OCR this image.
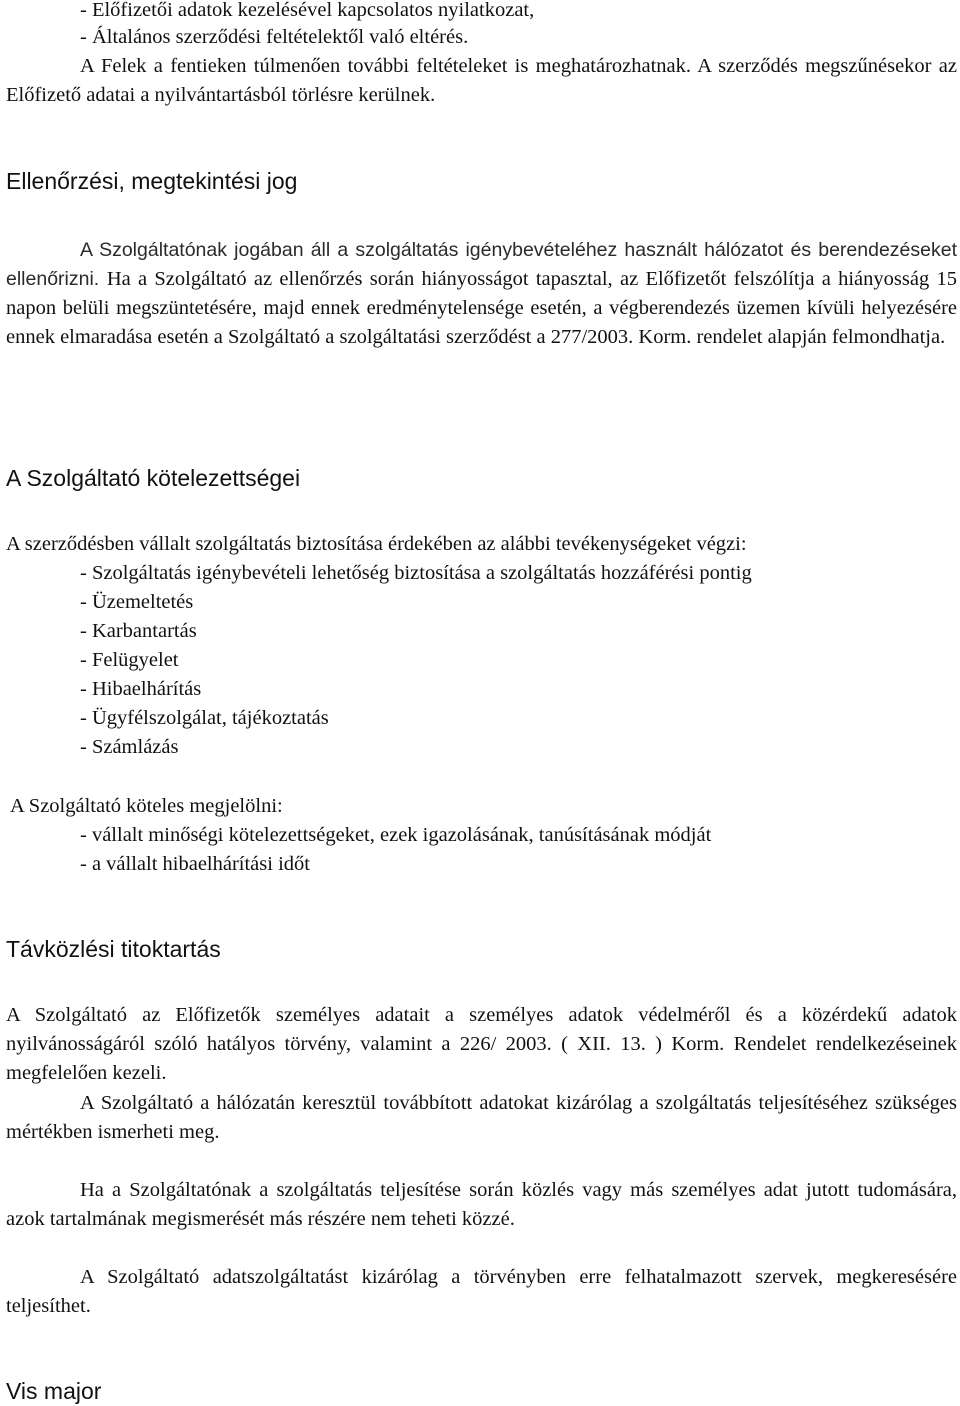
- Előfizetői adatok kezelésével kapcsolatos nyilatkozat,
- Általános szerződési feltételektől való eltérés.
A Felek a fentieken túlmenően további feltételeket is meghatározhatnak. A szerződés megszűnésekor az Előfizető adatai a nyilvántartásból törlésre kerülnek.
Ellenőrzési, megtekintési jog
A Szolgáltatónak jogában áll a szolgáltatás igénybevételéhez használt hálózatot és berendezéseket ellenőrizni. Ha a Szolgáltató az ellenőrzés során hiányosságot tapasztal, az Előfizetőt felszólítja a hiányosság 15 napon belüli megszüntetésére, majd ennek eredménytelensége esetén, a végberendezés üzemen kívüli helyezésére ennek elmaradása esetén a Szolgáltató a szolgáltatási szerződést a 277/2003. Korm. rendelet alapján felmondhatja.
A Szolgáltató kötelezettségei
A szerződésben vállalt szolgáltatás biztosítása érdekében az alábbi tevékenységeket végzi:
- Szolgáltatás igénybevételi lehetőség biztosítása a szolgáltatás hozzáférési pontig
- Üzemeltetés
- Karbantartás
- Felügyelet
- Hibaelhárítás
- Ügyfélszolgálat, tájékoztatás
- Számlázás
A Szolgáltató köteles megjelölni:
- vállalt minőségi kötelezettségeket, ezek igazolásának, tanúsításának módját
- a vállalt hibaelhárítási időt
Távközlési titoktartás
A Szolgáltató az Előfizetők személyes adatait a személyes adatok védelméről és a közérdekű adatok nyilvánosságáról szóló hatályos törvény, valamint a 226/ 2003. ( XII. 13. ) Korm. Rendelet rendelkezéseinek megfelelően kezeli.
A Szolgáltató a hálózatán keresztül továbbított adatokat kizárólag a szolgáltatás teljesítéséhez szükséges mértékben ismerheti meg.
Ha a Szolgáltatónak a szolgáltatás teljesítése során közlés vagy más személyes adat jutott tudomására, azok tartalmának megismerését más részére nem teheti közzé.
A Szolgáltató adatszolgáltatást kizárólag a törvényben erre felhatalmazott szervek, megkeresésére teljesíthet.
Vis major
